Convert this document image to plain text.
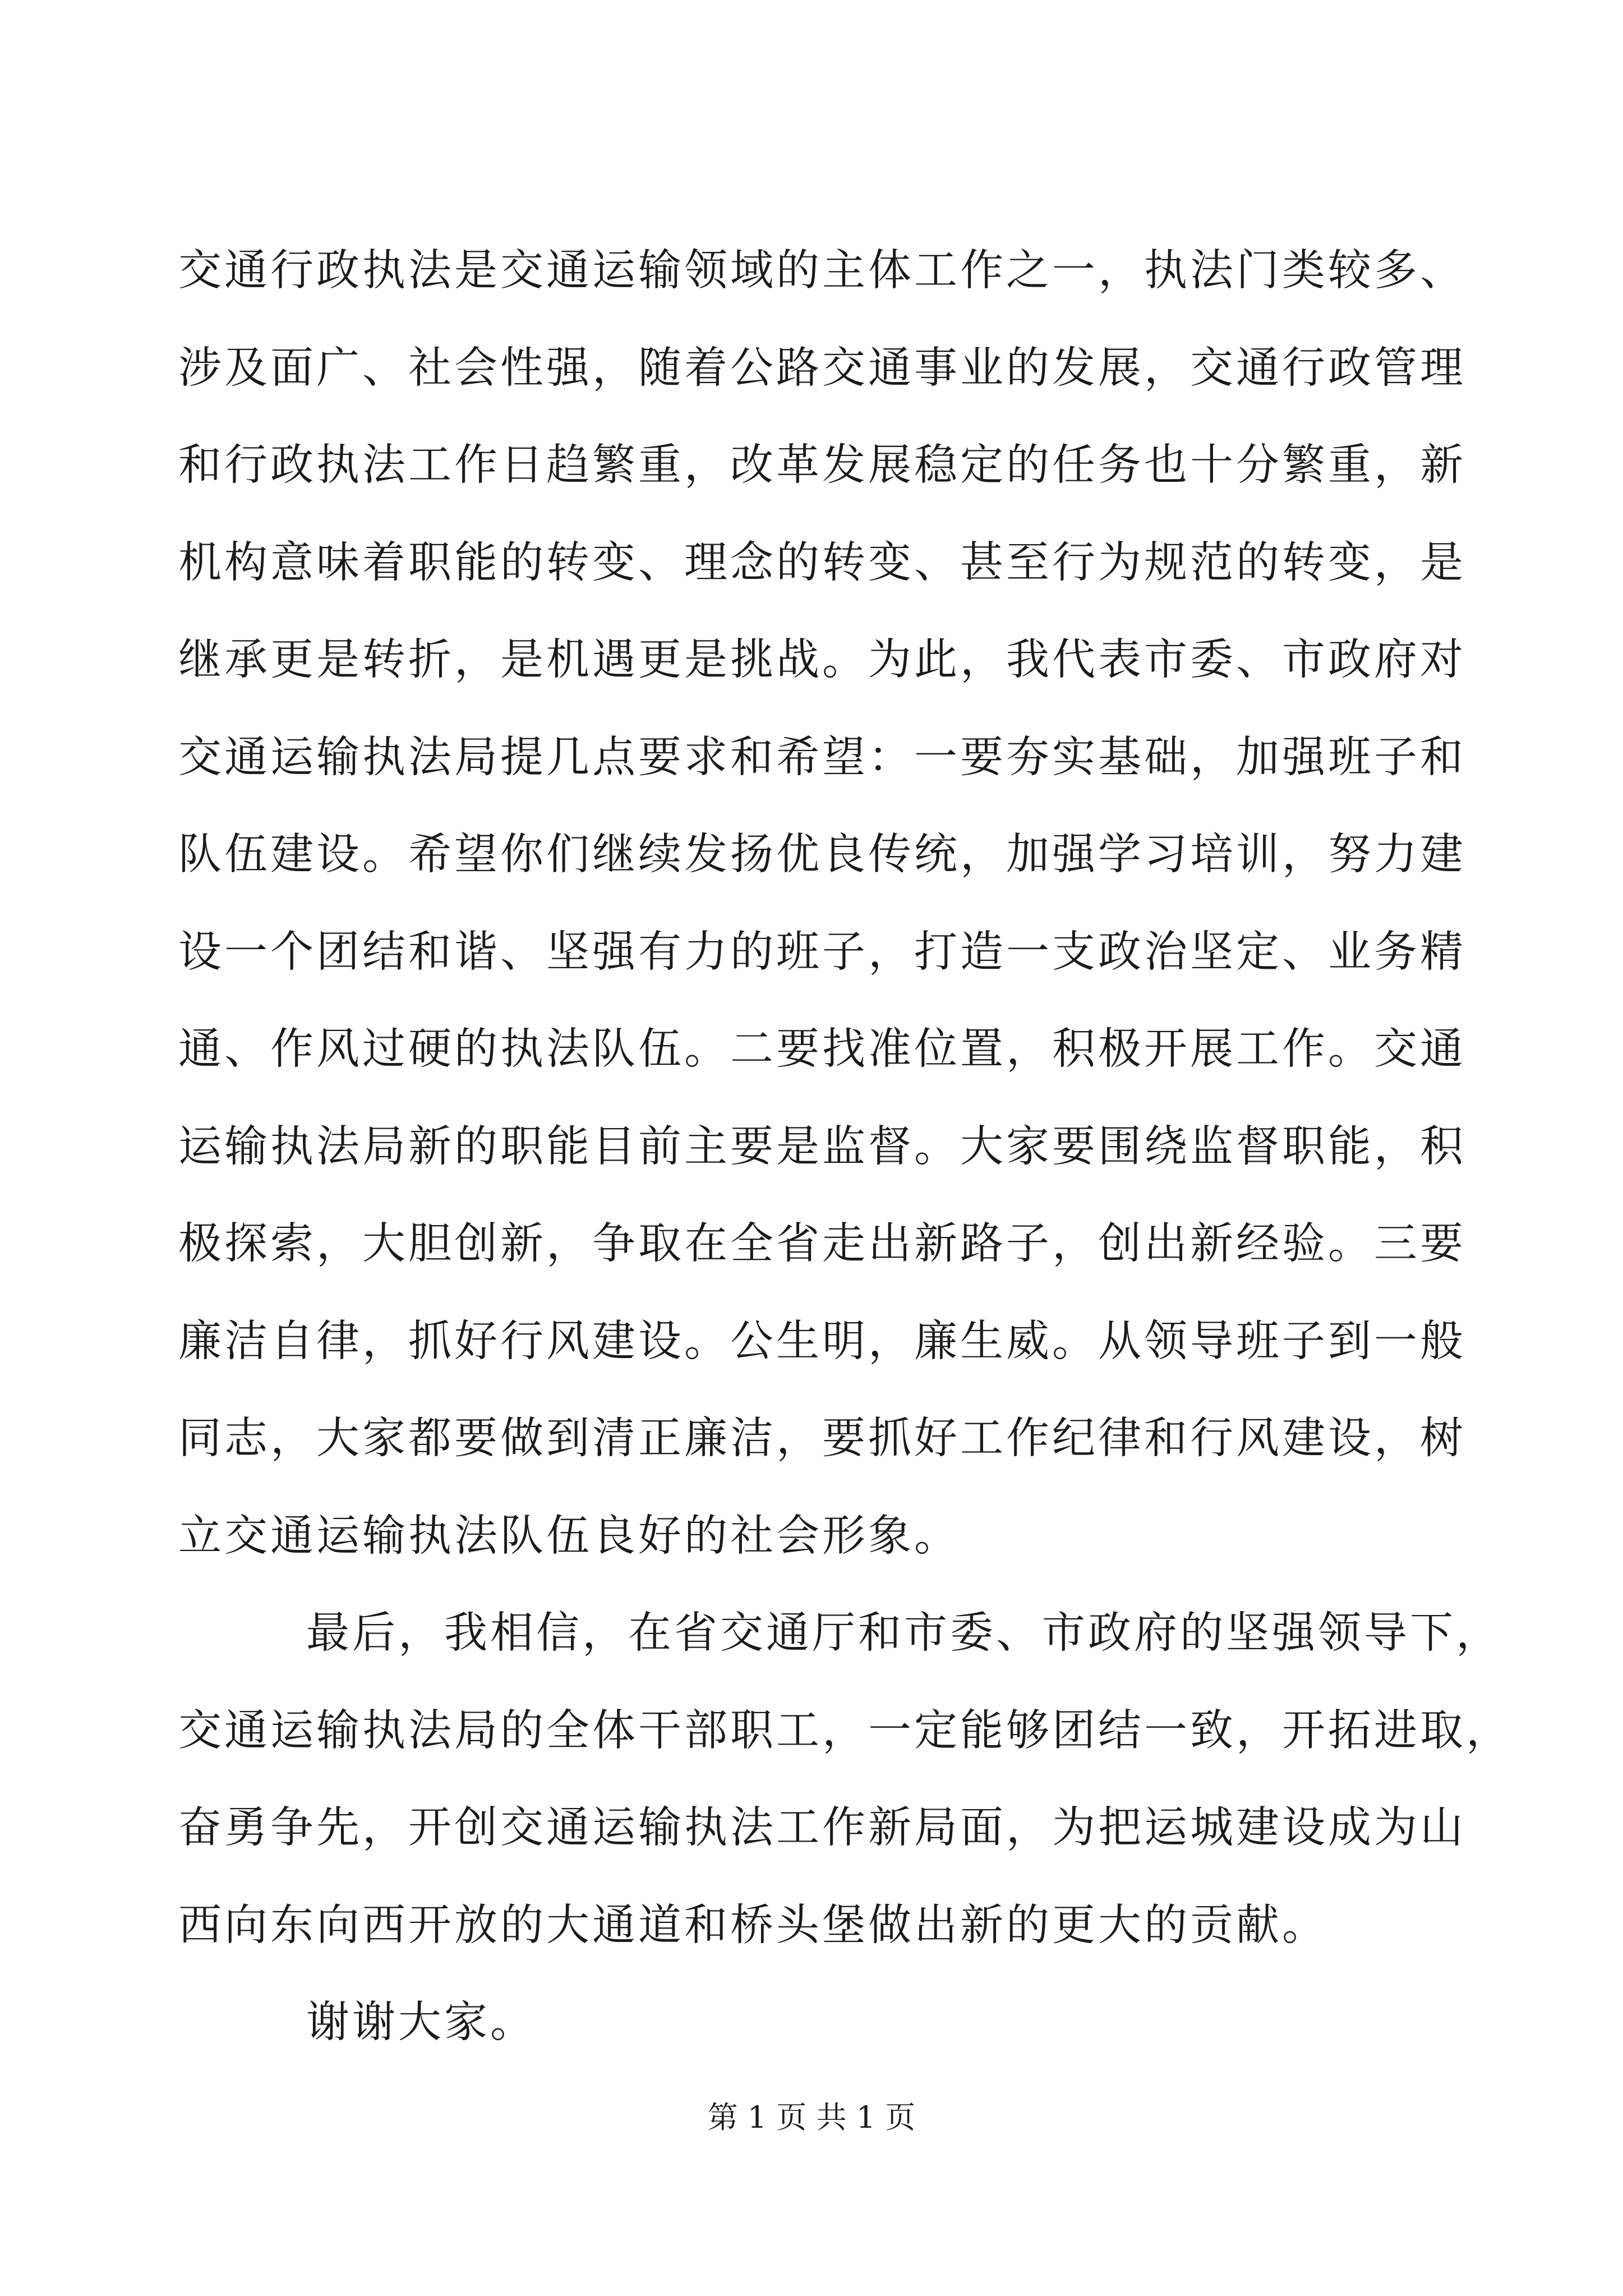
交通行政执法是交通运输领域的主体工作之一，执法门类较多、
涉及面广、社会性强，随着公路交通事业的发展，交通行政管理
和行政执法工作日趋繁重，改革发展稳定的任务也十分繁重，新
机构意味着职能的转变、理念的转变、甚至行为规范的转变，是
继承更是转折，是机遇更是挑战。为此，我代表市委、市政府对
交通运输执法局提几点要求和希望：一要夯实基础，加强班子和
队伍建设。希望你们继续发扬优良传统，加强学习培训，努力建
设一个团结和谐、坚强有力的班子，打造一支政治坚定、业务精
通、作风过硬的执法队伍。二要找准位置，积极开展工作。交通
运输执法局新的职能目前主要是监督。大家要围绕监督职能，积
极探索，大胆创新，争取在全省走出新路子，创出新经验。三要
廉洁自律，抓好行风建设。公生明，廉生威。从领导班子到一般
同志，大家都要做到清正廉洁，要抓好工作纪律和行风建设，树
立交通运输执法队伍良好的社会形象。
最后，我相信，在省交通厅和市委、市政府的坚强领导下，
交通运输执法局的全体干部职工，一定能够团结一致，开拓进取，
奋勇争先，开创交通运输执法工作新局面，为把运城建设成为山
西向东向西开放的大通道和桥头堡做出新的更大的贡献。
谢谢大家。
第 1 页 共 1 页
